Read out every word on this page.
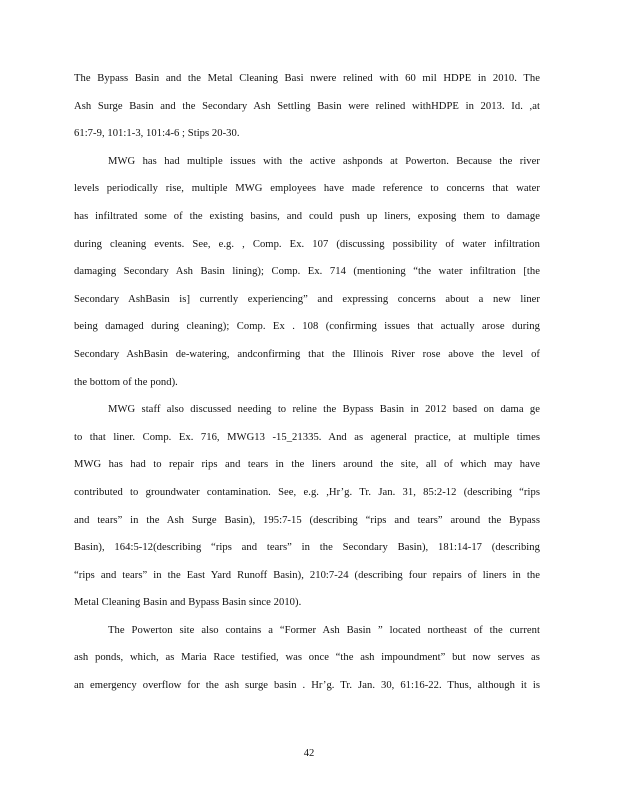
The Bypass Basin and the Metal Cleaning Basi nwere relined with 60 mil HDPE in 2010. The
Ash Surge Basin and the Secondary Ash Settling Basin were relined withHDPE in 2013. Id. ,at
61:7-9, 101:1-3, 101:4-6 ; Stips 20-30.
MWG has had multiple issues with the active ashponds at Powerton. Because the river
levels periodically rise, multiple MWG employees have made reference to concerns that water
has infiltrated some of the existing basins, and could push up liners, exposing them to damage
during cleaning events. See, e.g. , Comp. Ex. 107 (discussing possibility of water infiltration
damaging Secondary Ash Basin lining); Comp. Ex. 714 (mentioning “the water infiltration [the
Secondary AshBasin is] currently experiencing” and expressing concerns about a new liner
being damaged during cleaning); Comp. Ex . 108 (confirming issues that actually arose during
Secondary AshBasin de-watering, andconfirming that the Illinois River rose above the level of
the bottom of the pond).
MWG staff also discussed needing to reline the Bypass Basin in 2012 based on dama ge
to that liner. Comp. Ex. 716, MWG13 -15_21335. And as ageneral practice, at multiple times
MWG has had to repair rips and tears in the liners around the site, all of which may have
contributed to groundwater contamination. See, e.g. ,Hr’g. Tr. Jan. 31, 85:2-12 (describing “rips
and tears” in the Ash Surge Basin), 195:7-15 (describing “rips and tears” around the Bypass
Basin), 164:5-12(describing “rips and tears” in the Secondary Basin), 181:14-17 (describing
“rips and tears” in the East Yard Runoff Basin), 210:7-24 (describing four repairs of liners in the
Metal Cleaning Basin and Bypass Basin since 2010).
The Powerton site also contains a “Former Ash Basin ” located northeast of the current
ash ponds, which, as Maria Race testified, was once “the ash impoundment” but now serves as
an emergency overflow for the ash surge basin . Hr’g. Tr. Jan. 30, 61:16-22. Thus, although it is
42
